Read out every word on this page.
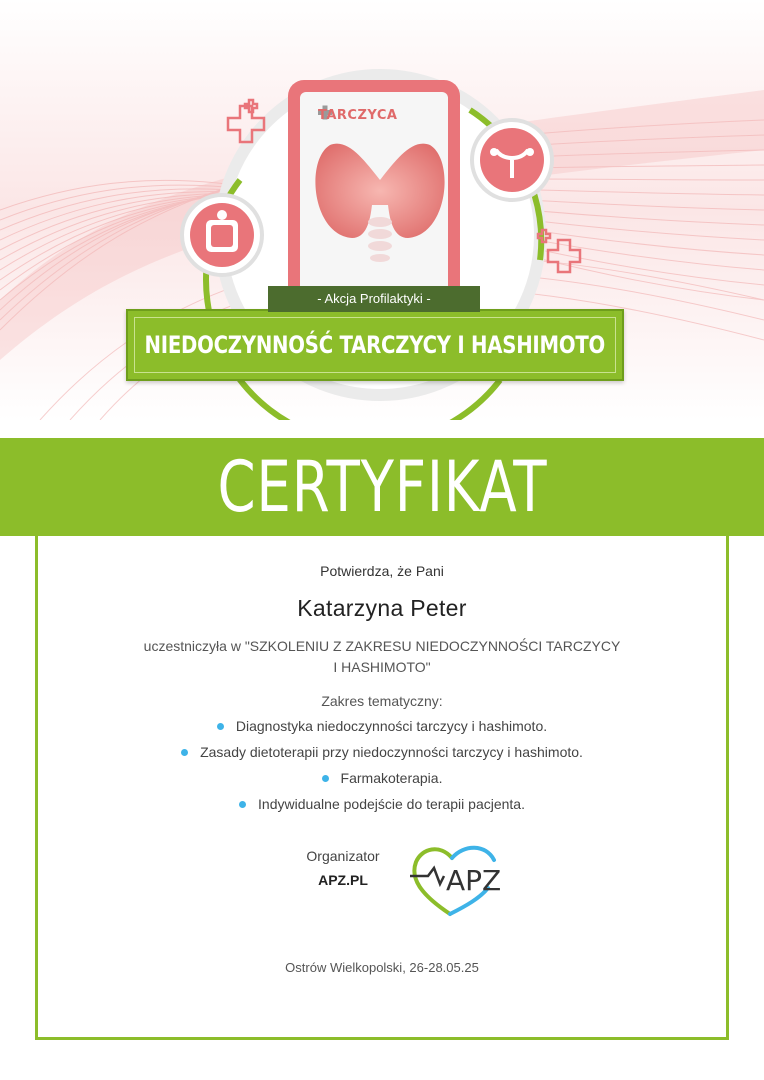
TARCZYCA
NIEDOCZYNNOŚĆ TARCZYCY I HASHIMOTO
- Akcja Profilaktyki -
CERTYFIKAT
Potwierdza, że Pani
Katarzyna Peter
uczestniczyła w "SZKOLENIU Z ZAKRESU NIEDOCZYNNOŚCI TARCZYCY
I HASHIMOTO"
Zakres tematyczny:
Diagnostyka niedoczynności tarczycy i hashimoto.
Zasady dietoterapii przy niedoczynności tarczycy i hashimoto.
Farmakoterapia.
Indywidualne podejście do terapii pacjenta.
Organizator
APZ.PL	APZ
Ostrów Wielkopolski, 26-28.05.25
